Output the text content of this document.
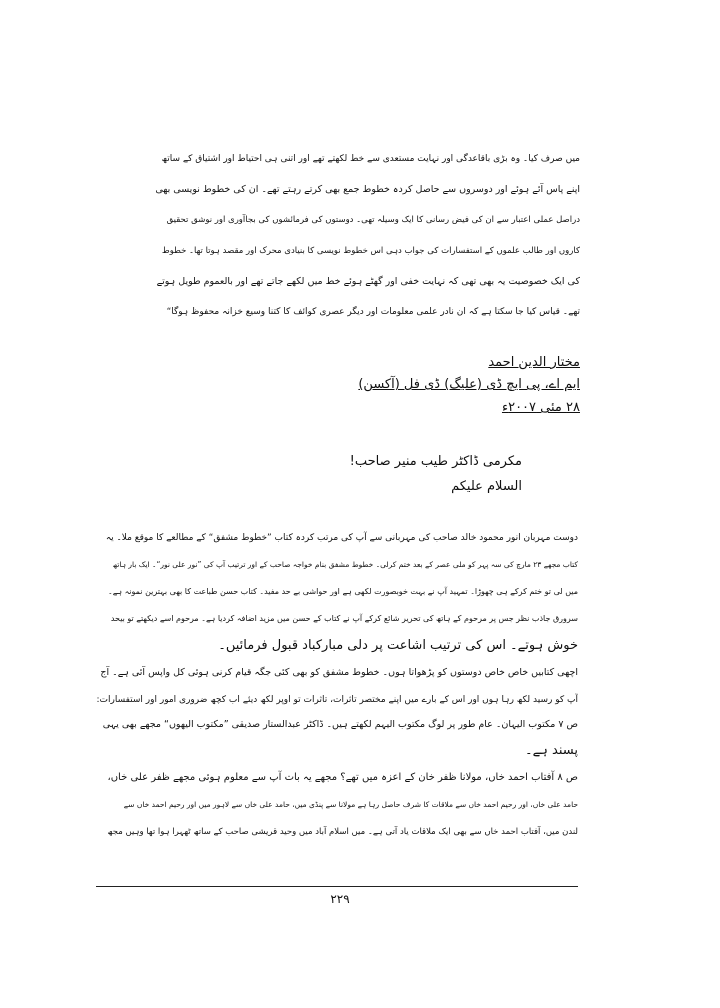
میں صرف کیا۔ وہ بڑی باقاعدگی اور نہایت مستعدی سے خط لکھتے تھے اور اتنی ہی احتیاط اور اشتیاق کے ساتھ
اپنے پاس آئے ہوئے اور دوسروں سے حاصل کردہ خطوط جمع بھی کرتے رہتے تھے۔ ان کی خطوط نویسی بھی
دراصل عملی اعتبار سے ان کی فیض رسانی کا ایک وسیلہ تھی۔ دوستوں کی فرمائشوں کی بجاآوری اور نوشق تحقیق
کاروں اور طالب علموں کے استفسارات کی جواب دہی اس خطوط نویسی کا بنیادی محرک اور مقصد ہوتا تھا۔ خطوط
کی ایک خصوصیت یہ بھی تھی کہ نہایت خفی اور گھٹے ہوئے خط میں لکھے جاتے تھے اور بالعموم طویل ہوتے
تھے۔ قیاس کیا جا سکتا ہے کہ ان نادر علمی معلومات اور دیگر عصری کوائف کا کتنا وسیع خزانہ محفوظ ہوگا“
مختار الدین احمد
ایم اے، پی ایچ ڈی (علیگ) ڈی فل (آکسن)
۲۸ مئی ۲۰۰۷ء
مکرمی ڈاکٹر طیب منیر صاحب!
السلام علیکم
دوست مہربان انور محمود خالد صاحب کی مہربانی سے آپ کی مرتب کردہ کتاب ”خطوط مشفق“ کے مطالعے کا موقع ملا۔ یہ
کتاب مجھے ۲۳ مارچ کی سہ پہر کو ملی عصر کے بعد ختم کرلی۔ خطوط مشفق بنام خواجہ صاحب کے اور ترتیب آپ کی ”نور علی نور“۔ ایک بار ہاتھ
میں لی تو ختم کرکے ہی چھوڑا۔ تمہید آپ نے بہت خوبصورت لکھی ہے اور حواشی بے حد مفید۔ کتاب حسن طباعت کا بھی بہترین نمونہ ہے۔
سرورق جاذب نظر جس پر مرحوم کے ہاتھ کی تحریر شائع کرکے آپ نے کتاب کے حسن میں مزید اضافہ کردیا ہے۔ مرحوم اسے دیکھتے تو بیحد
خوش ہوتے۔ اس کی ترتیب اشاعت پر دلی مبارکباد قبول فرمائیں۔
اچھی کتابیں خاص خاص دوستوں کو پڑھواتا ہوں۔ خطوط مشفق کو بھی کئی جگہ قیام کرنی ہوئی کل واپس آئی ہے۔ آج
آپ کو رسید لکھ رہا ہوں اور اس کے بارے میں اپنے مختصر تاثرات، تاثرات تو اوپر لکھ دیئے اب کچھ ضروری امور اور استفسارات:
ص ۷ مکتوب الیہان۔ عام طور پر لوگ مکتوب الیہم لکھتے ہیں۔ ڈاکٹر عبدالستار صدیقی ”مکتوب الیھوں“ مجھے بھی یہی
پسند ہے۔
ص ۸ آفتاب احمد خاں، مولانا ظفر خان کے اعزہ میں تھے؟ مجھے یہ بات آپ سے معلوم ہوئی مجھے ظفر علی خاں،
حامد علی خاں، اور رحیم احمد خاں سے ملاقات کا شرف حاصل رہا ہے مولانا سے پنڈی میں، حامد علی خاں سے لاہور میں اور رحیم احمد خاں سے
لندن میں، آفتاب احمد خاں سے بھی ایک ملاقات یاد آتی ہے۔ میں اسلام آباد میں وحید قریشی صاحب کے ساتھ ٹھہرا ہوا تھا وہیں مجھ
۲۲۹
